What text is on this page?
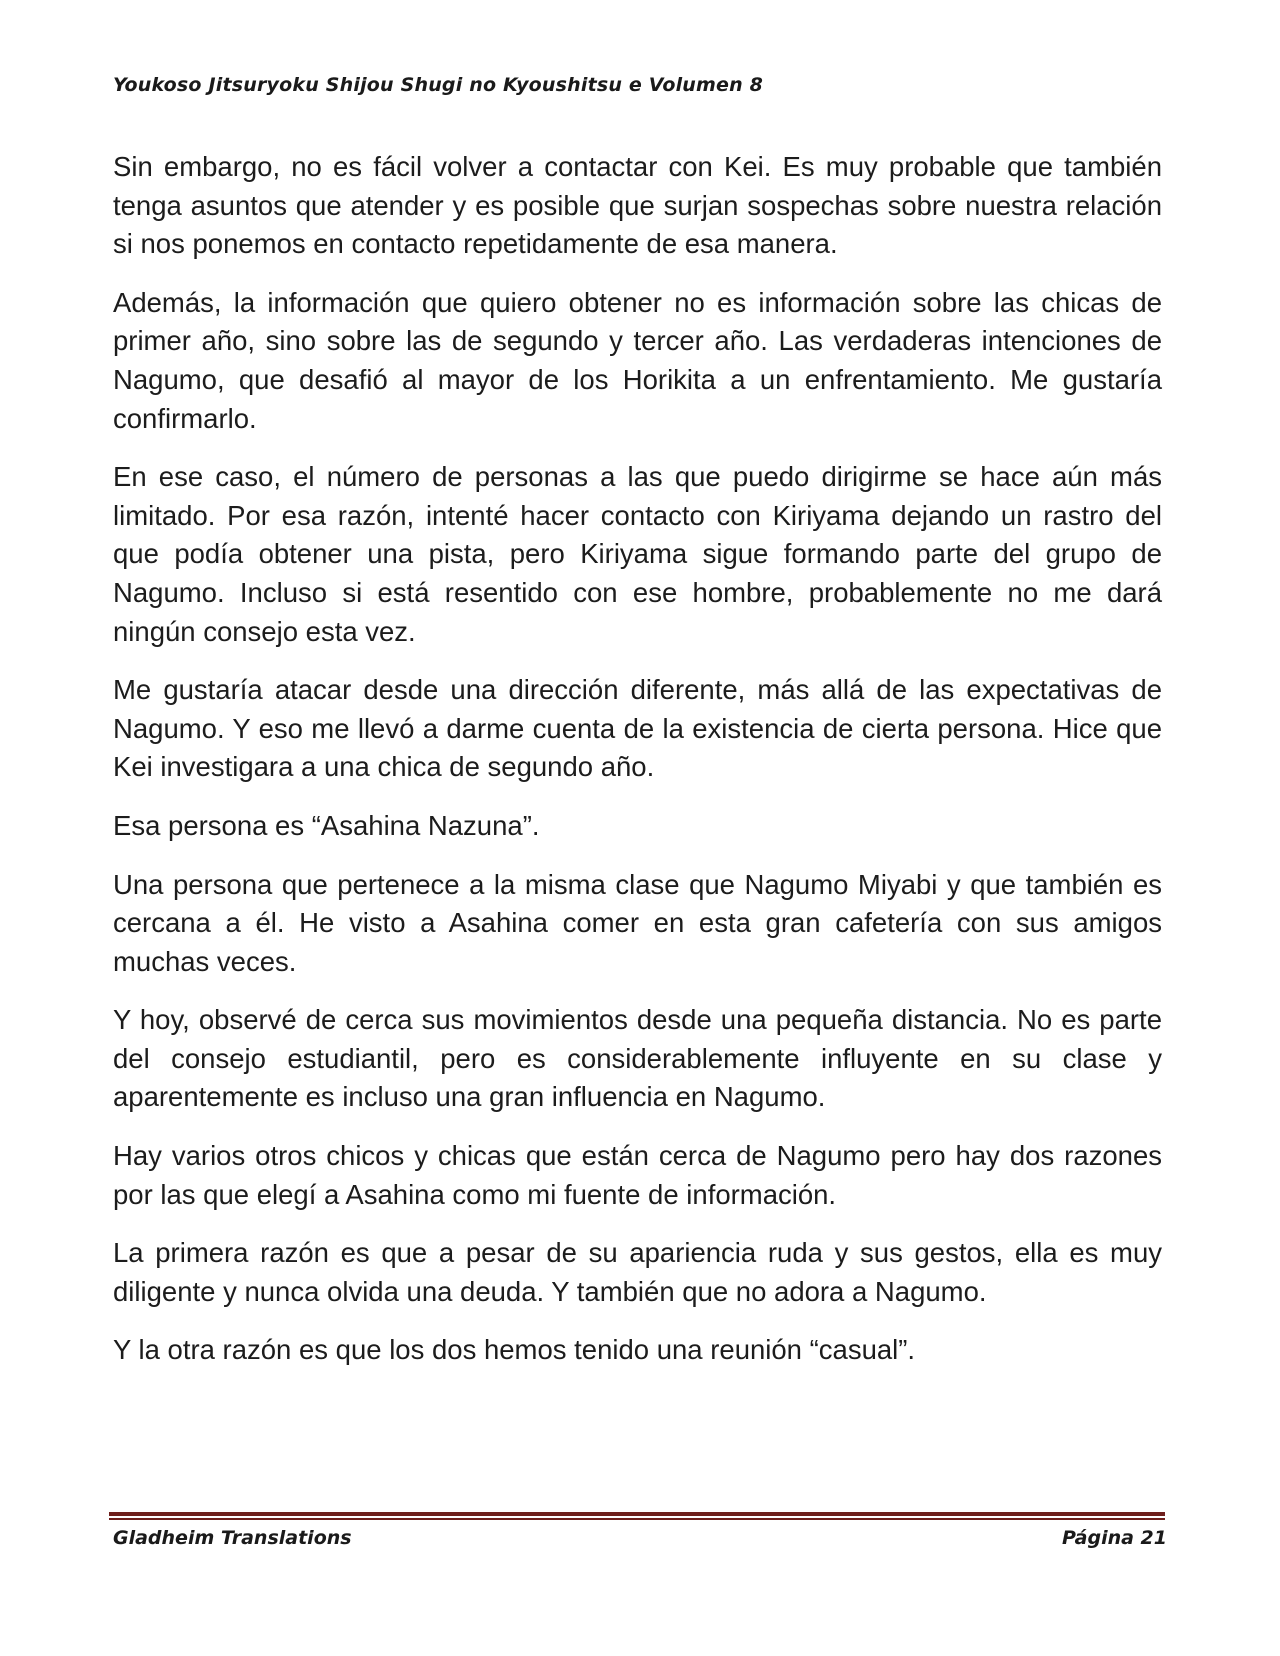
Youkoso Jitsuryoku Shijou Shugi no Kyoushitsu e Volumen 8

Sin embargo, no es fácil volver a contactar con Kei. Es muy probable que también tenga asuntos que atender y es posible que surjan sospechas sobre nuestra relación si nos ponemos en contacto repetidamente de esa manera.

Además, la información que quiero obtener no es información sobre las chicas de primer año, sino sobre las de segundo y tercer año. Las verdaderas intenciones de Nagumo, que desafió al mayor de los Horikita a un enfrentamiento. Me gustaría confirmarlo.

En ese caso, el número de personas a las que puedo dirigirme se hace aún más limitado. Por esa razón, intenté hacer contacto con Kiriyama dejando un rastro del que podía obtener una pista, pero Kiriyama sigue formando parte del grupo de Nagumo. Incluso si está resentido con ese hombre, probablemente no me dará ningún consejo esta vez.

Me gustaría atacar desde una dirección diferente, más allá de las expectativas de Nagumo. Y eso me llevó a darme cuenta de la existencia de cierta persona. Hice que Kei investigara a una chica de segundo año.

Esa persona es “Asahina Nazuna”.

Una persona que pertenece a la misma clase que Nagumo Miyabi y que también es cercana a él. He visto a Asahina comer en esta gran cafetería con sus amigos muchas veces.

Y hoy, observé de cerca sus movimientos desde una pequeña distancia. No es parte del consejo estudiantil, pero es considerablemente influyente en su clase y aparentemente es incluso una gran influencia en Nagumo.

Hay varios otros chicos y chicas que están cerca de Nagumo pero hay dos razones por las que elegí a Asahina como mi fuente de información.

La primera razón es que a pesar de su apariencia ruda y sus gestos, ella es muy diligente y nunca olvida una deuda. Y también que no adora a Nagumo.

Y la otra razón es que los dos hemos tenido una reunión “casual”.

Gladheim Translations	Página 21
